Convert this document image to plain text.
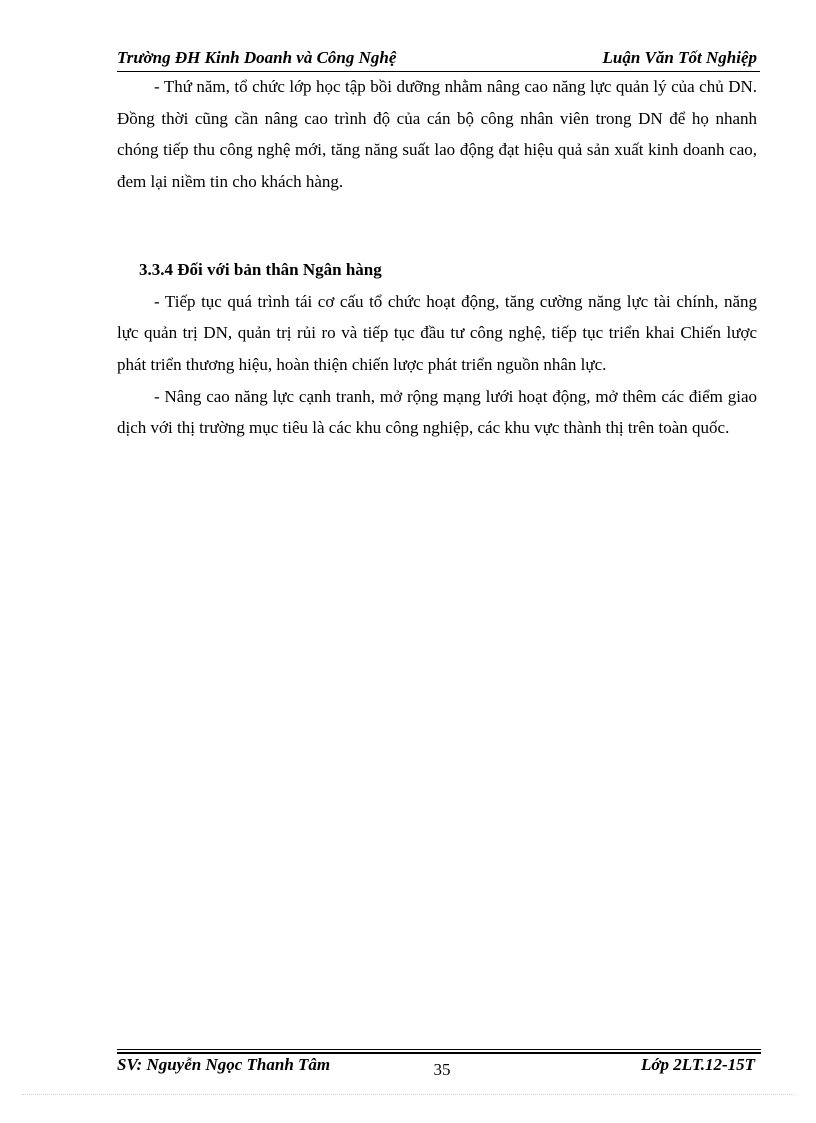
Trường ĐH Kinh Doanh và Công Nghệ	Luận Văn Tốt Nghiệp

- Thứ năm, tổ chức lớp học tập bồi dưỡng nhằm nâng cao năng lực quản lý của chủ DN. Đồng thời cũng cần nâng cao trình độ của cán bộ công nhân viên trong DN để họ nhanh chóng tiếp thu công nghệ mới, tăng năng suất lao động đạt hiệu quả sản xuất kinh doanh cao, đem lại niềm tin cho khách hàng.

3.3.4 Đối với bản thân Ngân hàng

- Tiếp tục quá trình tái cơ cấu tổ chức hoạt động, tăng cường năng lực tài chính, năng lực quản trị DN, quản trị rủi ro và tiếp tục đầu tư công nghệ, tiếp tục triển khai Chiến lược phát triển thương hiệu, hoàn thiện chiến lược phát triển nguồn nhân lực.

- Nâng cao năng lực cạnh tranh, mở rộng mạng lưới hoạt động, mở thêm các điểm giao dịch với thị trường mục tiêu là các khu công nghiệp, các khu vực thành thị trên toàn quốc.

SV: Nguyễn Ngọc Thanh Tâm	Lớp 2LT.12-15T
35
